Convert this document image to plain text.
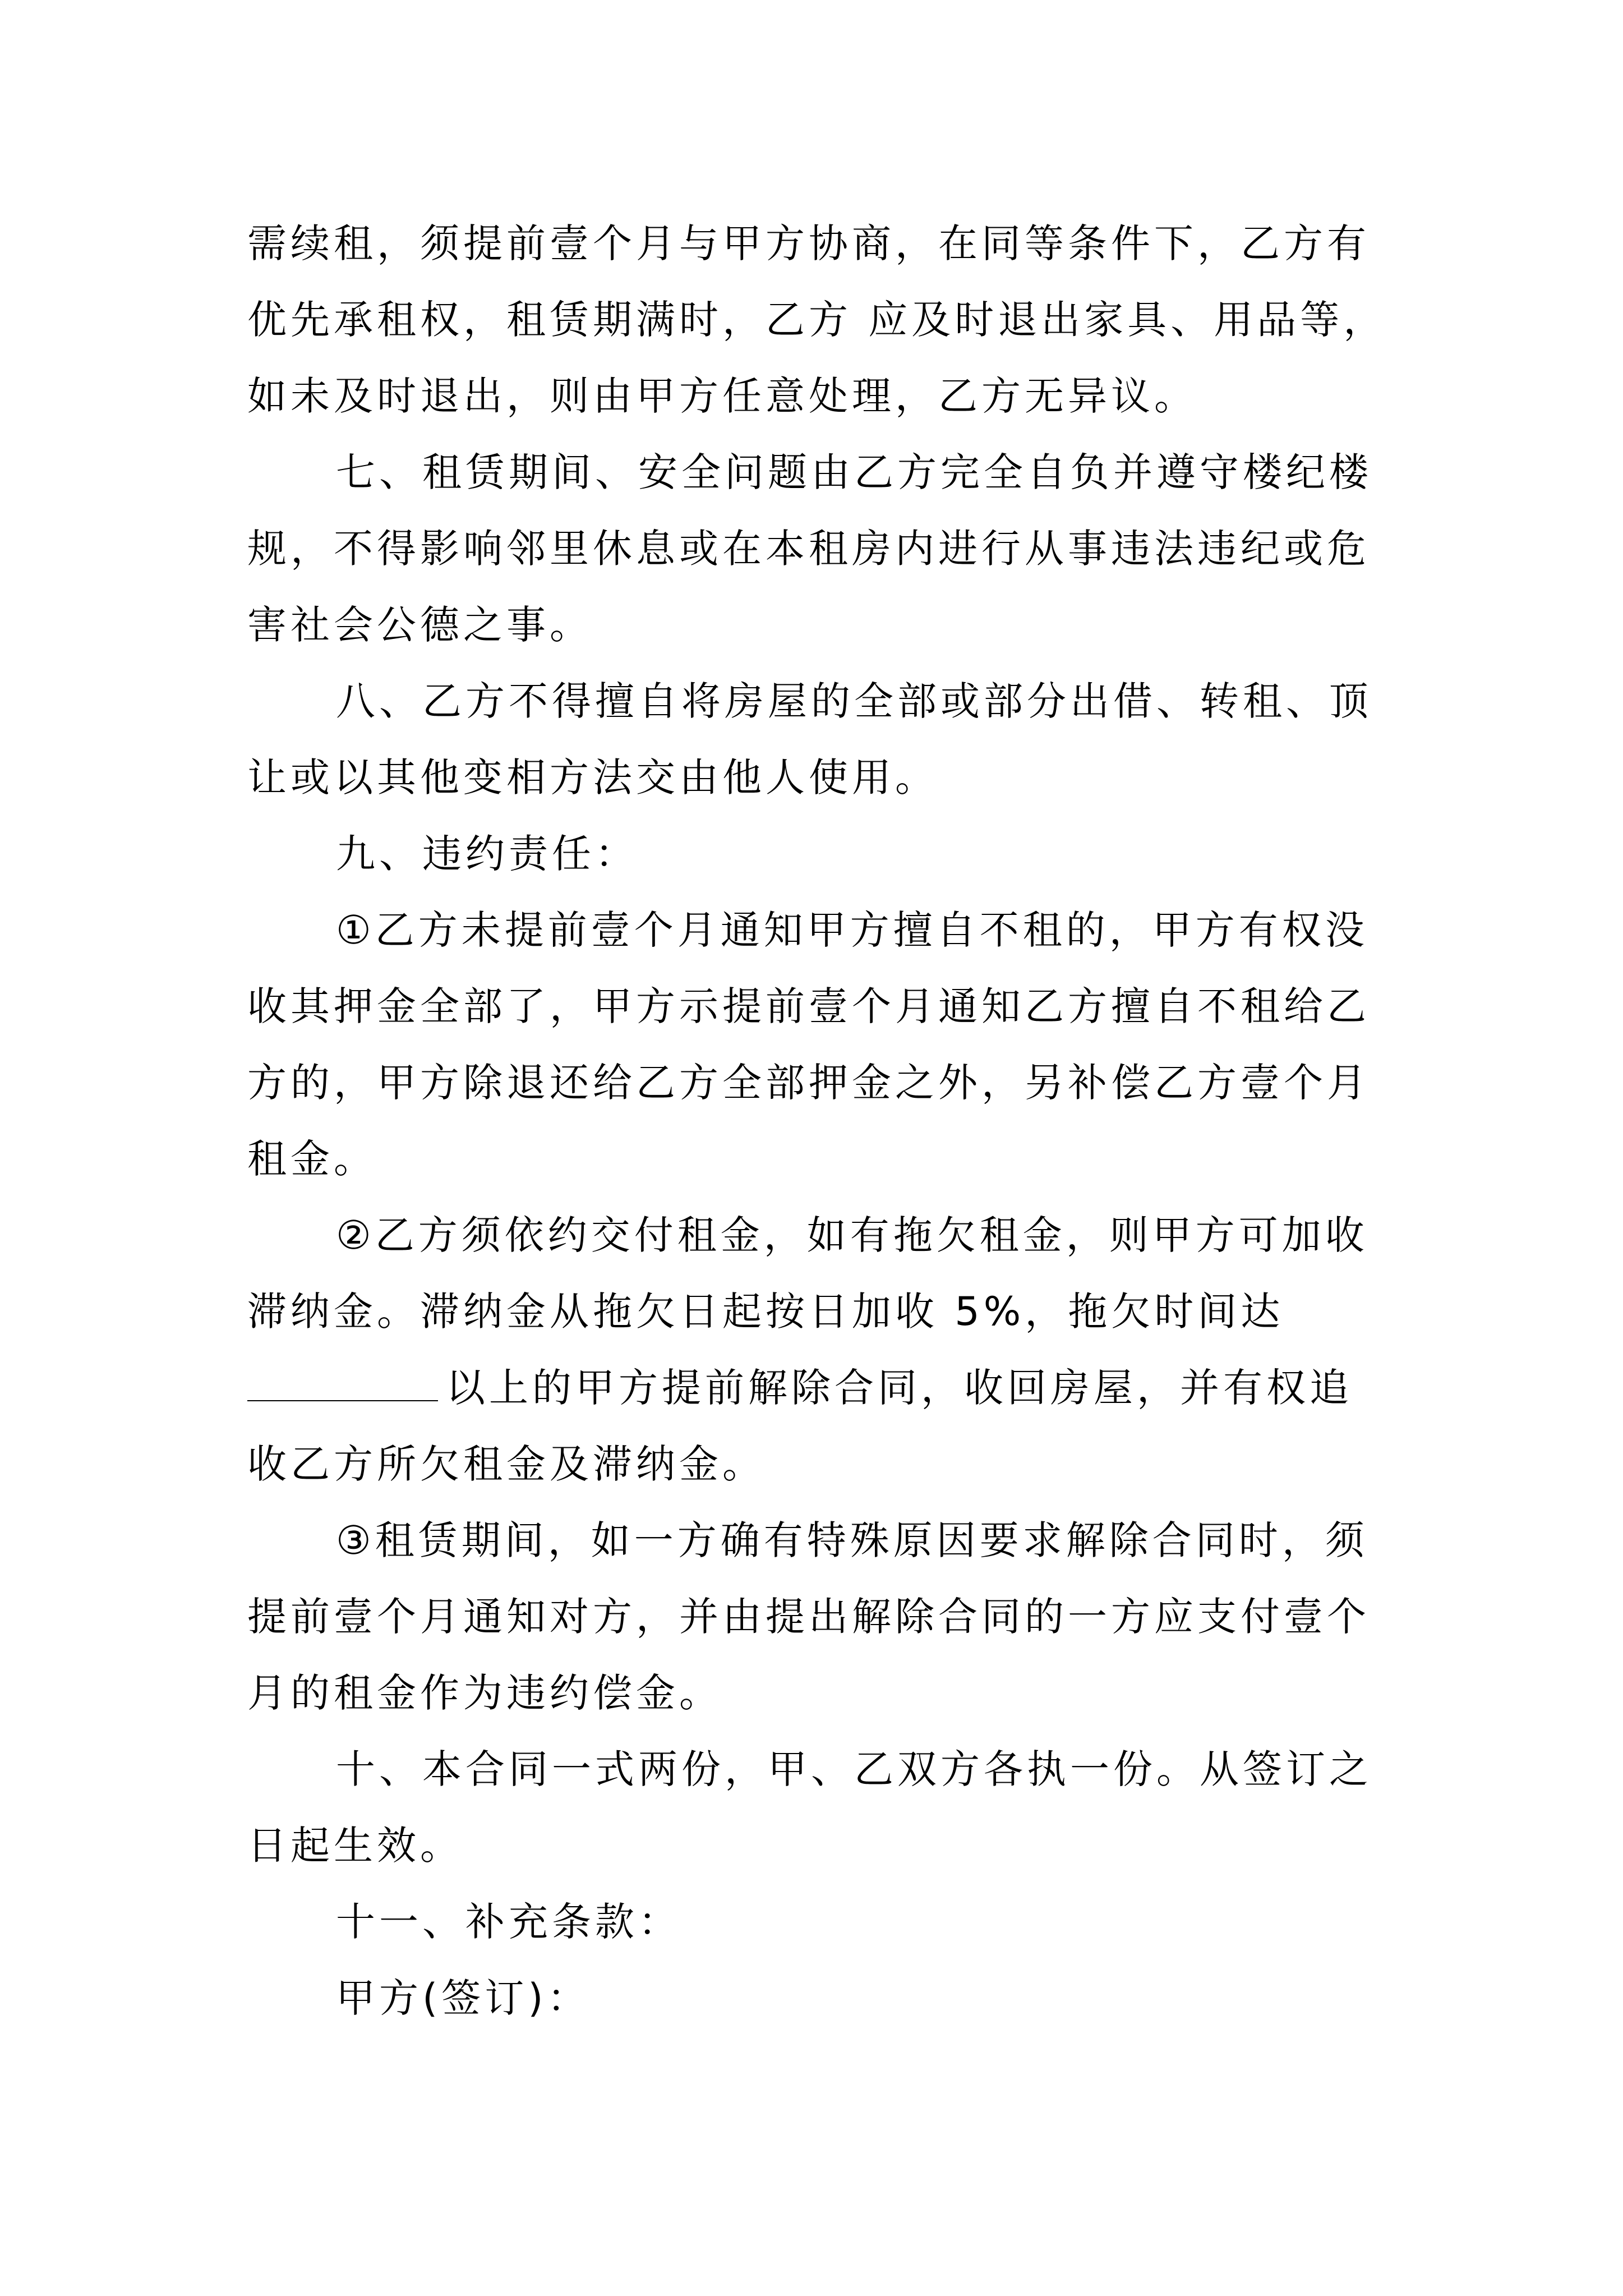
需续租，须提前壹个月与甲方协商，在同等条件下，乙方有
优先承租权，租赁期满时，乙方 应及时退出家具、用品等，
如未及时退出，则由甲方任意处理，乙方无异议。
七、租赁期间、安全问题由乙方完全自负并遵守楼纪楼
规，不得影响邻里休息或在本租房内进行从事违法违纪或危
害社会公德之事。
八、乙方不得擅自将房屋的全部或部分出借、转租、顶
让或以其他变相方法交由他人使用。
九、违约责任：
①乙方未提前壹个月通知甲方擅自不租的，甲方有权没
收其押金全部了，甲方示提前壹个月通知乙方擅自不租给乙
方的，甲方除退还给乙方全部押金之外，另补偿乙方壹个月
租金。
②乙方须依约交付租金，如有拖欠租金，则甲方可加收
滞纳金。滞纳金从拖欠日起按日加收 5%，拖欠时间达
以上的甲方提前解除合同，收回房屋，并有权追
收乙方所欠租金及滞纳金。
③租赁期间，如一方确有特殊原因要求解除合同时，须
提前壹个月通知对方，并由提出解除合同的一方应支付壹个
月的租金作为违约偿金。
十、本合同一式两份，甲、乙双方各执一份。从签订之
日起生效。
十一、补充条款：
甲方(签订)：
